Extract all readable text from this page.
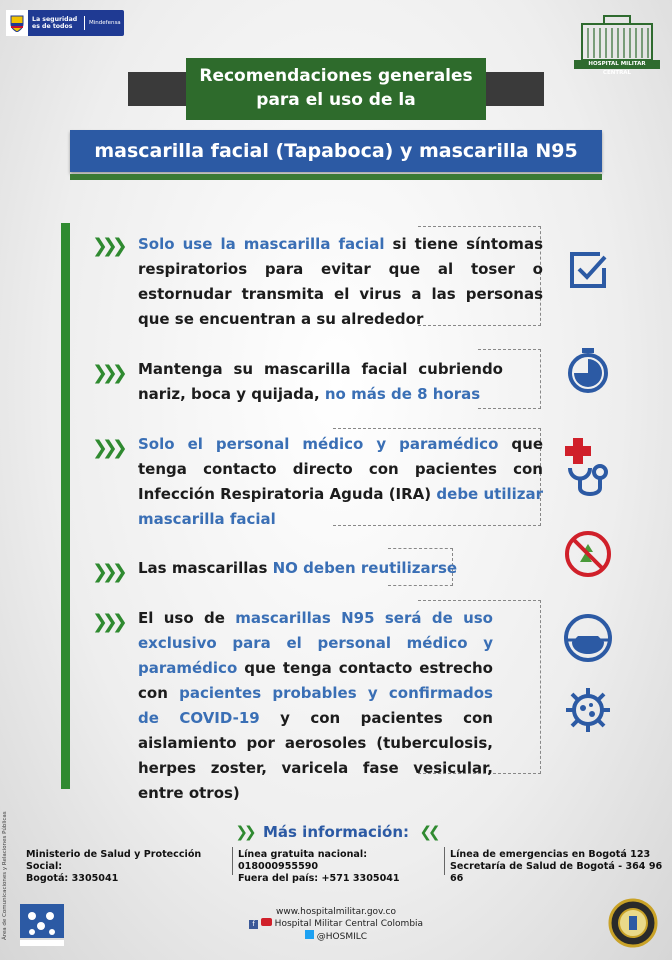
La seguridad es de todos	Mindefensa
HOSPITAL MILITAR CENTRAL
Recomendaciones generales
para el uso de la
mascarilla facial (Tapaboca) y mascarilla N95
❯❯❯ Solo use la mascarilla facial si tiene síntomas respiratorios para evitar que al toser o estornudar transmita el virus a las personas que se encuentran a su alrededor
❯❯❯ Mantenga su mascarilla facial cubriendo nariz, boca y quijada, no más de 8 horas
❯❯❯ Solo el personal médico y paramédico que tenga contacto directo con pacientes con Infección Respiratoria Aguda (IRA) debe utilizar mascarilla facial
❯❯❯ Las mascarillas NO deben reutilizarse
❯❯❯ El uso de mascarillas N95 será de uso exclusivo para el personal médico y paramédico que tenga contacto estrecho con pacientes probables y confirmados de COVID-19 y con pacientes con aislamiento por aerosoles (tuberculosis, herpes zoster, varicela fase vesicular, entre otros)
❯❯ Más información: ❮❮
Ministerio de Salud y Protección Social:
Bogotá: 3305041
Línea gratuita nacional: 018000955590
Fuera del país: +571 3305041
Línea de emergencias en Bogotá 123
Secretaría de Salud de Bogotá - 364 96 66
Área de Comunicaciones y Relaciones Públicas	www.hospitalmilitar.gov.co
f Hospital Militar Central Colombia
@HOSMILC
